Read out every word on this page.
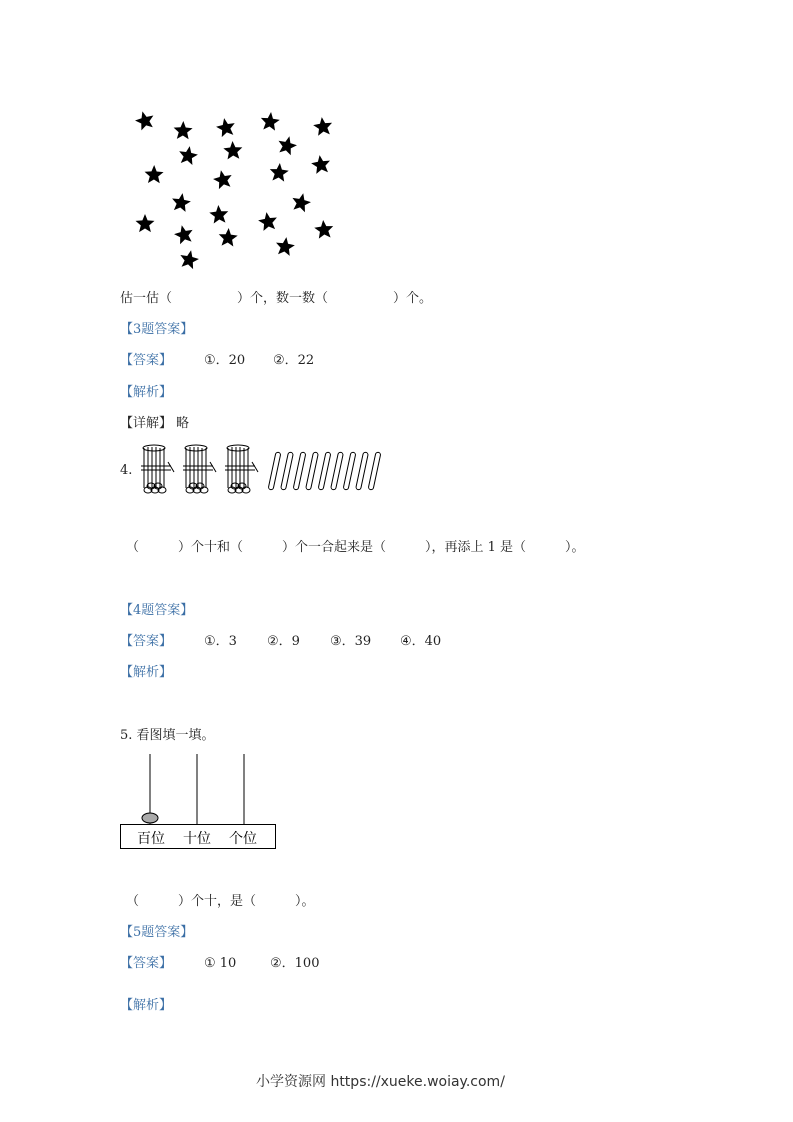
估一估（　　　　　）个，数一数（　　　　　）个。
【3题答案】
【答案】 ①．20 ②．22
【解析】
【详解】 略
4.
（　　　）个十和（　　　）个一合起来是（　　　），再添上 1 是（　　　）。
【4题答案】
【答案】 ①．3 ②．9 ③．39 ④．40
【解析】
5. 看图填一填。
百位 十位 个位
（　　　）个十，是（　　　）。
【5题答案】
【答案】 ① 10	②．100
【解析】
小学资源网 https://xueke.woiay.com/
